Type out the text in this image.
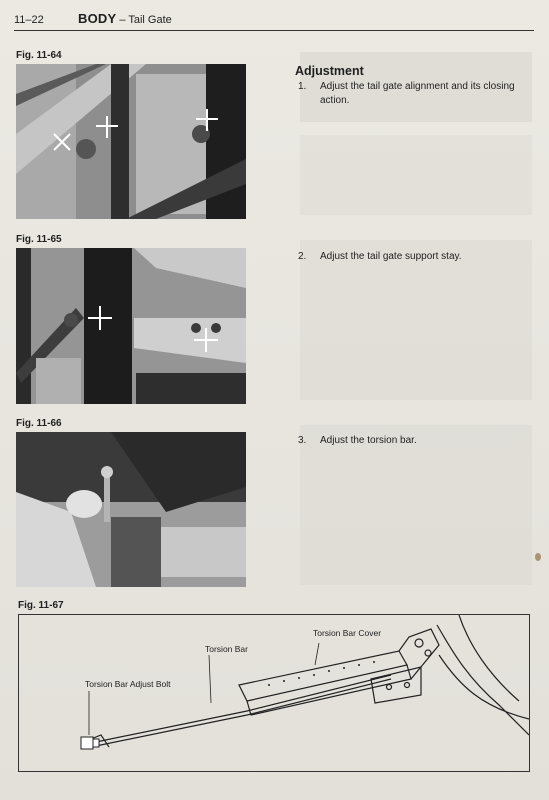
11–22	BODY – Tail Gate
Fig. 11-64
Adjustment
1.	Adjust the tail gate alignment and its closing action.
Fig. 11-65
2.	Adjust the tail gate support stay.
Fig. 11-66
3.	Adjust the torsion bar.
Fig. 11-67
Torsion Bar Cover
Torsion Bar
Torsion Bar Adjust Bolt
